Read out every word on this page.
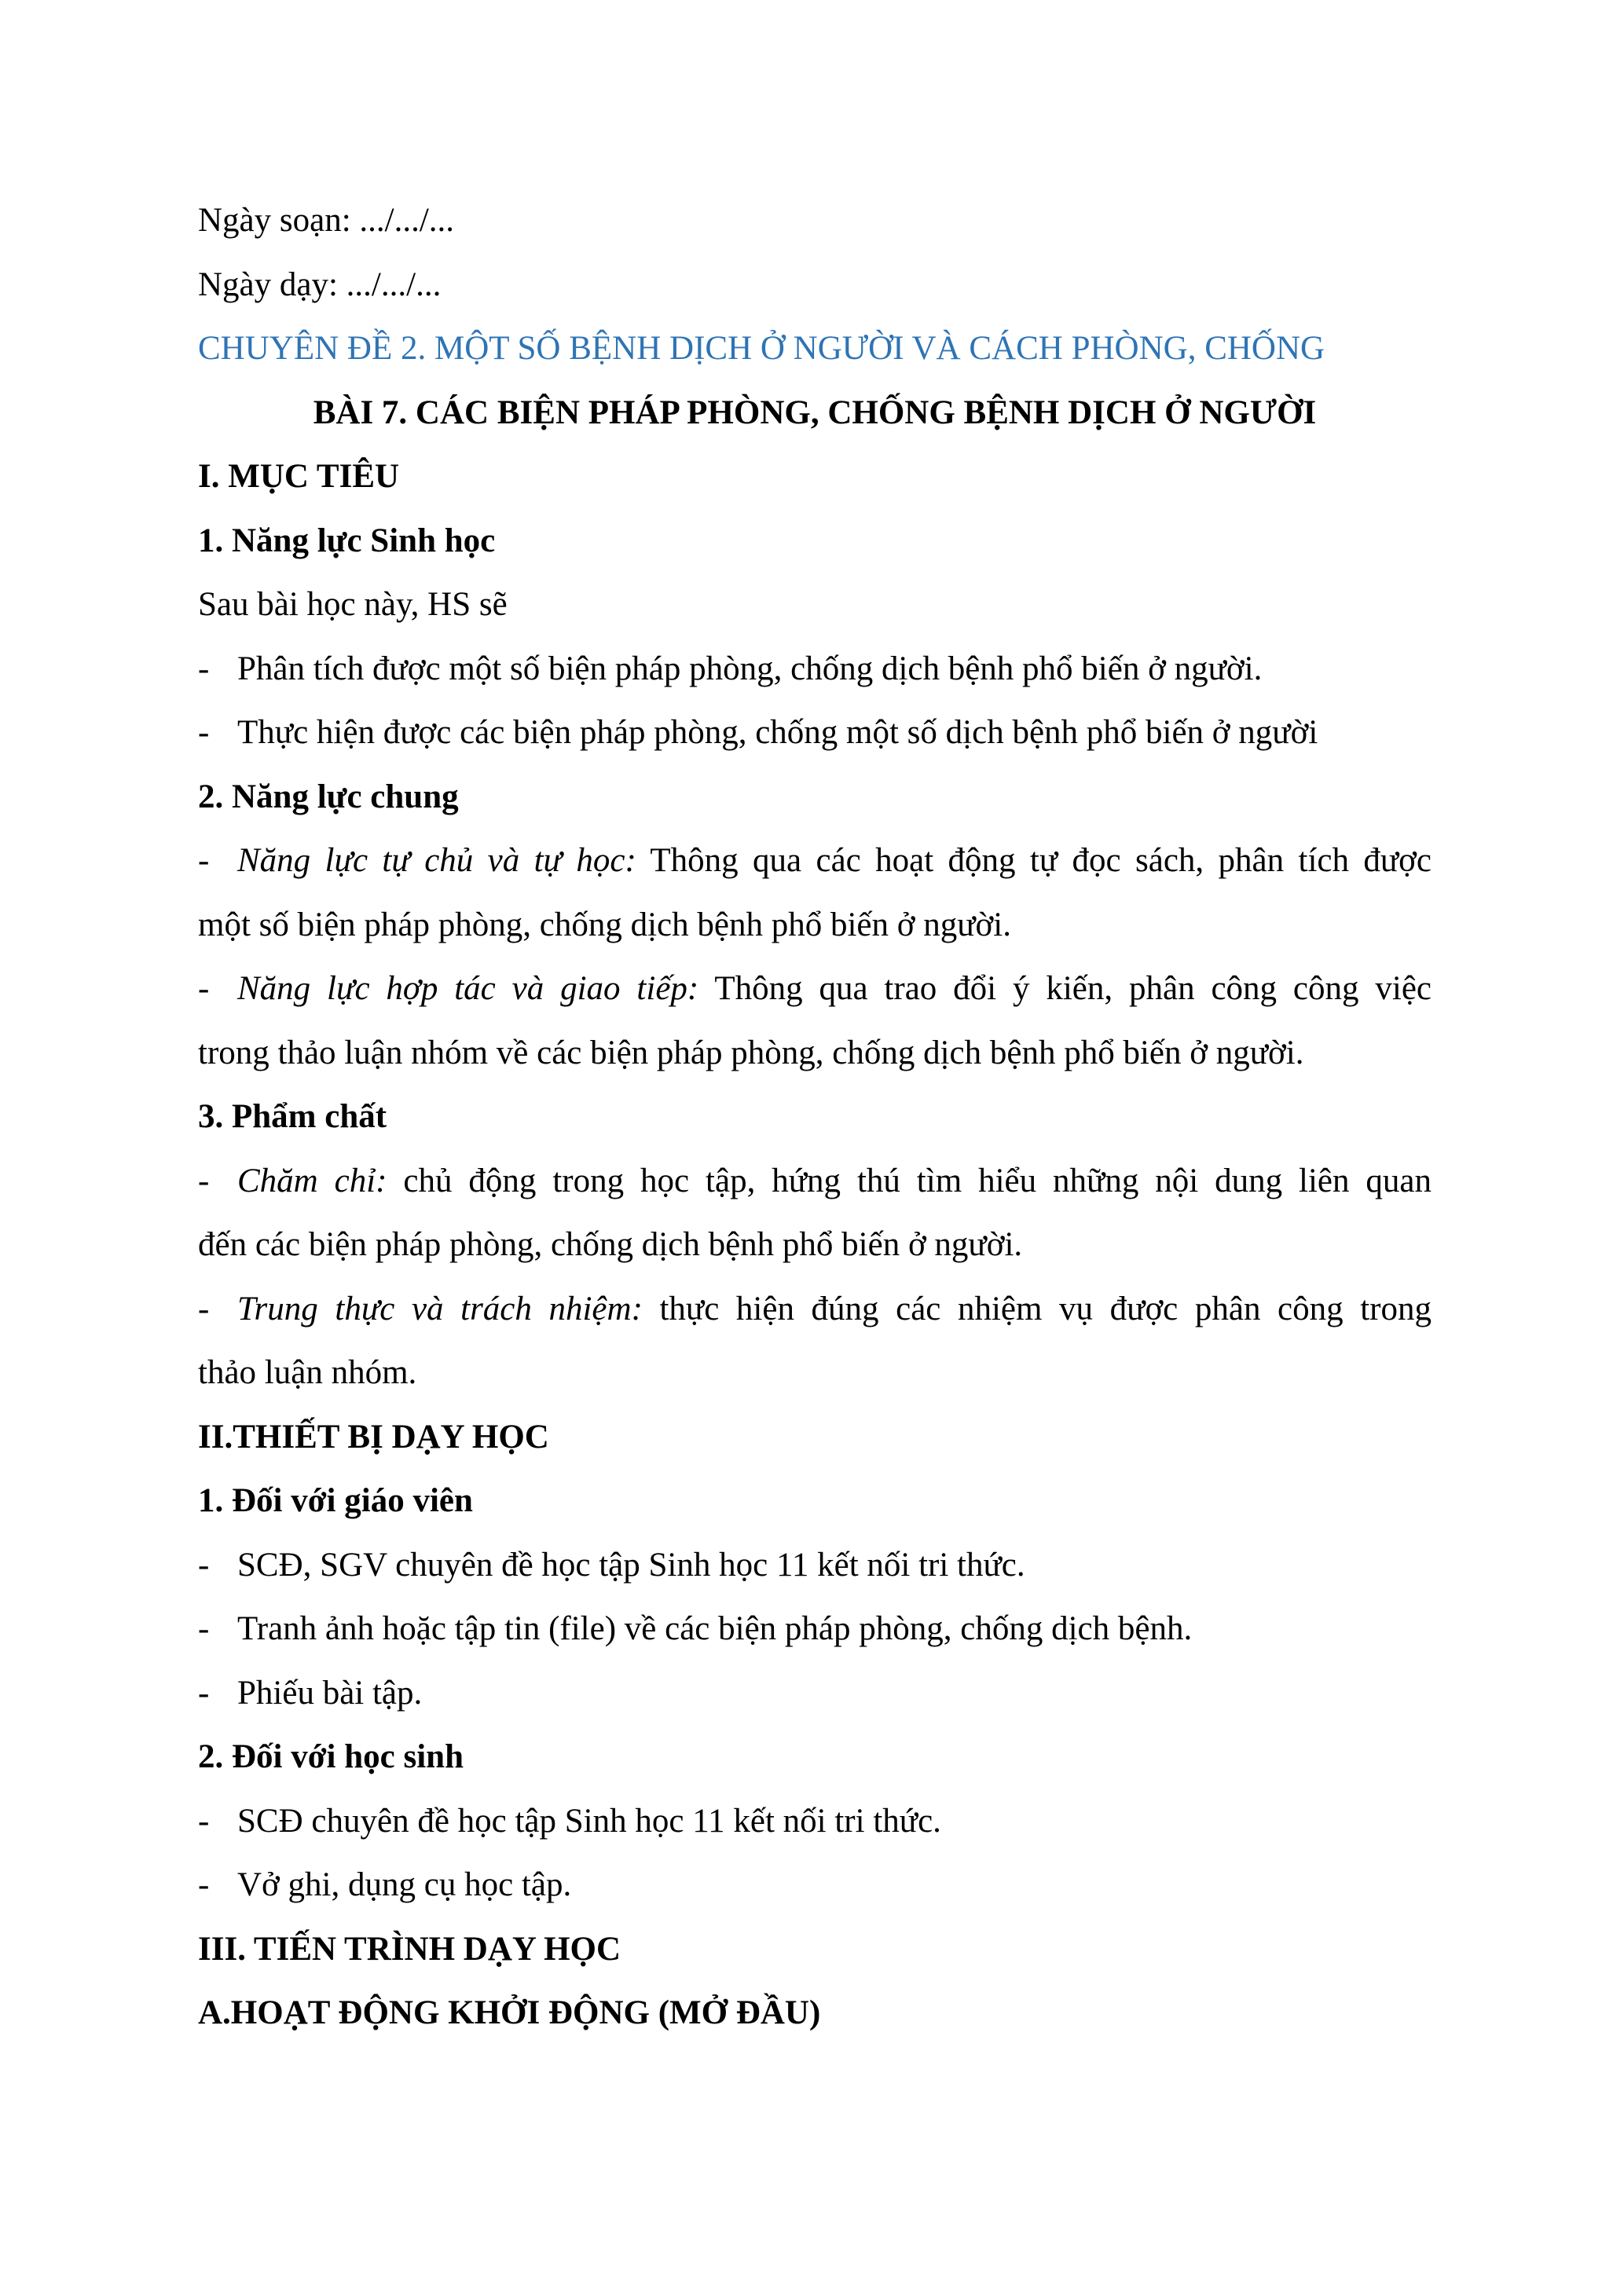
Ngày soạn: .../.../...
Ngày dạy: .../.../...
CHUYÊN ĐỀ 2. MỘT SỐ BỆNH DỊCH Ở NGƯỜI VÀ CÁCH PHÒNG, CHỐNG
BÀI 7. CÁC BIỆN PHÁP PHÒNG, CHỐNG BỆNH DỊCH Ở NGƯỜI
I. MỤC TIÊU
1. Năng lực Sinh học
Sau bài học này, HS sẽ
- Phân tích được một số biện pháp phòng, chống dịch bệnh phổ biến ở người.
- Thực hiện được các biện pháp phòng, chống một số dịch bệnh phổ biến ở người
2. Năng lực chung
- Năng lực tự chủ và tự học: Thông qua các hoạt động tự đọc sách, phân tích được
một số biện pháp phòng, chống dịch bệnh phổ biến ở người.
- Năng lực hợp tác và giao tiếp: Thông qua trao đổi ý kiến, phân công công việc
trong thảo luận nhóm về các biện pháp phòng, chống dịch bệnh phổ biến ở người.
3. Phẩm chất
- Chăm chỉ: chủ động trong học tập, hứng thú tìm hiểu những nội dung liên quan
đến các biện pháp phòng, chống dịch bệnh phổ biến ở người.
- Trung thực và trách nhiệm: thực hiện đúng các nhiệm vụ được phân công trong
thảo luận nhóm.
II.THIẾT BỊ DẠY HỌC
1. Đối với giáo viên
- SCĐ, SGV chuyên đề học tập Sinh học 11 kết nối tri thức.
- Tranh ảnh hoặc tập tin (file) về các biện pháp phòng, chống dịch bệnh.
- Phiếu bài tập.
2. Đối với học sinh
- SCĐ chuyên đề học tập Sinh học 11 kết nối tri thức.
- Vở ghi, dụng cụ học tập.
III. TIẾN TRÌNH DẠY HỌC
A.HOẠT ĐỘNG KHỞI ĐỘNG (MỞ ĐẦU)
